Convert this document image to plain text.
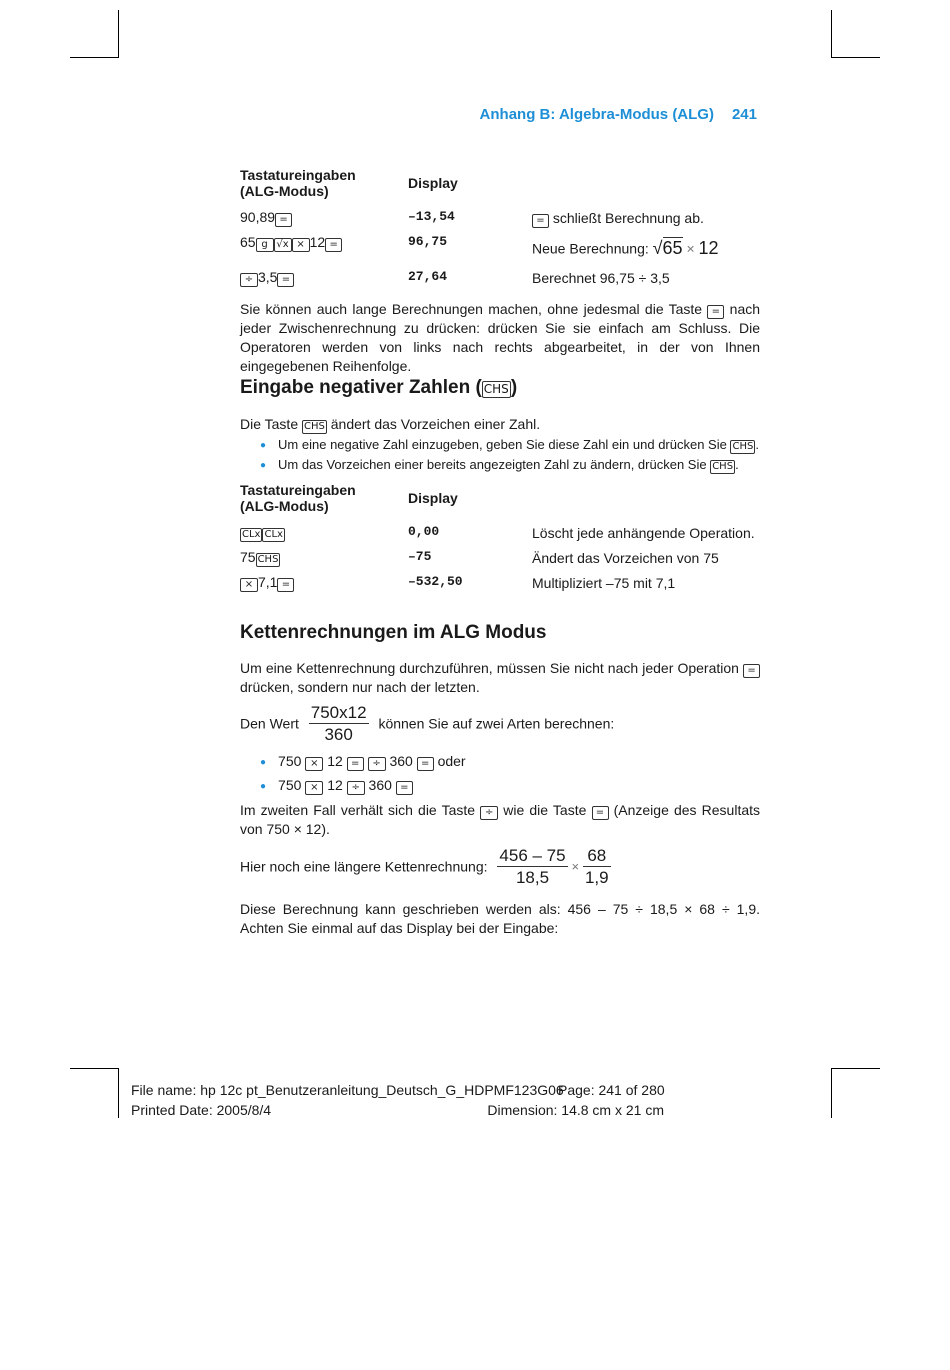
Anhang B: Algebra-Modus (ALG) 241
Tastatureingaben
(ALG-Modus)	Display
90,89 =	–13,54	= schließt Berechnung ab.
65 g √x × 12 =	96,75	Neue Berechnung: √65 × 12
÷ 3,5 =	27,64	Berechnet 96,75 ÷ 3,5
Sie können auch lange Berechnungen machen, ohne jedesmal die Taste = nach jeder Zwischenrechnung zu drücken: drücken Sie sie einfach am Schluss. Die Operatoren werden von links nach rechts abgearbeitet, in der von Ihnen eingegebenen Reihenfolge.
Eingabe negativer Zahlen ( CHS )
Die Taste CHS ändert das Vorzeichen einer Zahl.
● Um eine negative Zahl einzugeben, geben Sie diese Zahl ein und drücken Sie CHS .
● Um das Vorzeichen einer bereits angezeigten Zahl zu ändern, drücken Sie CHS .
Tastatureingaben
(ALG-Modus)	Display
CLx CLx	0,00	Löscht jede anhängende Operation.
75 CHS	–75	Ändert das Vorzeichen von 75
× 7,1 =	–532,50	Multipliziert –75 mit 7,1
Kettenrechnungen im ALG Modus
Um eine Kettenrechnung durchzuführen, müssen Sie nicht nach jeder Operation = drücken, sondern nur nach der letzten.
Den Wert $\frac{750x12}{360}$ können Sie auf zwei Arten berechnen:
● 750 × 12 = ÷ 360 = oder
● 750 × 12 ÷ 360 =
Im zweiten Fall verhält sich die Taste ÷ wie die Taste = (Anzeige des Resultats von 750 × 12).
Hier noch eine längere Kettenrechnung: $\frac{456 - 75}{18,5} \times \frac{68}{1,9}$
Diese Berechnung kann geschrieben werden als: 456 – 75 ÷ 18,5 × 68 ÷ 1,9. Achten Sie einmal auf das Display bei der Eingabe:
File name: hp 12c pt_Benutzeranleitung_Deutsch_G_HDPMF123G06
Page: 241 of 280
Printed Date: 2005/8/4	Dimension: 14.8 cm x 21 cm
